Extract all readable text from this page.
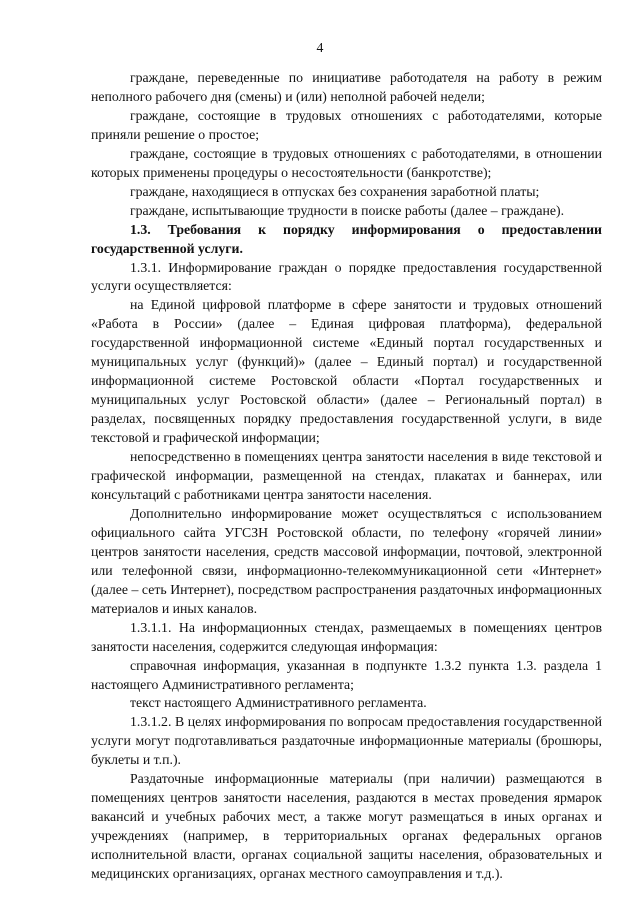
4

граждане, переведенные по инициативе работодателя на работу в режим неполного рабочего дня (смены) и (или) неполной рабочей недели;

граждане, состоящие в трудовых отношениях с работодателями, которые приняли решение о простое;

граждане, состоящие в трудовых отношениях с работодателями, в отношении которых применены процедуры о несостоятельности (банкротстве);

граждане, находящиеся в отпусках без сохранения заработной платы;

граждане, испытывающие трудности в поиске работы (далее – граждане).

1.3. Требования к порядку информирования о предоставлении государственной услуги.

1.3.1. Информирование граждан о порядке предоставления государственной услуги осуществляется:

на Единой цифровой платформе в сфере занятости и трудовых отношений «Работа в России» (далее – Единая цифровая платформа), федеральной государственной информационной системе «Единый портал государственных и муниципальных услуг (функций)» (далее – Единый портал) и государственной информационной системе Ростовской области «Портал государственных и муниципальных услуг Ростовской области» (далее – Региональный портал) в разделах, посвященных порядку предоставления государственной услуги, в виде текстовой и графической информации;

непосредственно в помещениях центра занятости населения в виде текстовой и графической информации, размещенной на стендах, плакатах и баннерах, или консультаций с работниками центра занятости населения.

Дополнительно информирование может осуществляться с использованием официального сайта УГСЗН Ростовской области, по телефону «горячей линии» центров занятости населения, средств массовой информации, почтовой, электронной или телефонной связи, информационно-телекоммуникационной сети «Интернет» (далее – сеть Интернет), посредством распространения раздаточных информационных материалов и иных каналов.

1.3.1.1. На информационных стендах, размещаемых в помещениях центров занятости населения, содержится следующая информация:

справочная информация, указанная в подпункте 1.3.2 пункта 1.3. раздела 1 настоящего Административного регламента;

текст настоящего Административного регламента.

1.3.1.2. В целях информирования по вопросам предоставления государственной услуги могут подготавливаться раздаточные информационные материалы (брошюры, буклеты и т.п.).

Раздаточные информационные материалы (при наличии) размещаются в помещениях центров занятости населения, раздаются в местах проведения ярмарок вакансий и учебных рабочих мест, а также могут размещаться в иных органах и учреждениях (например, в территориальных органах федеральных органов исполнительной власти, органах социальной защиты населения, образовательных и медицинских организациях, органах местного самоуправления и т.д.).
